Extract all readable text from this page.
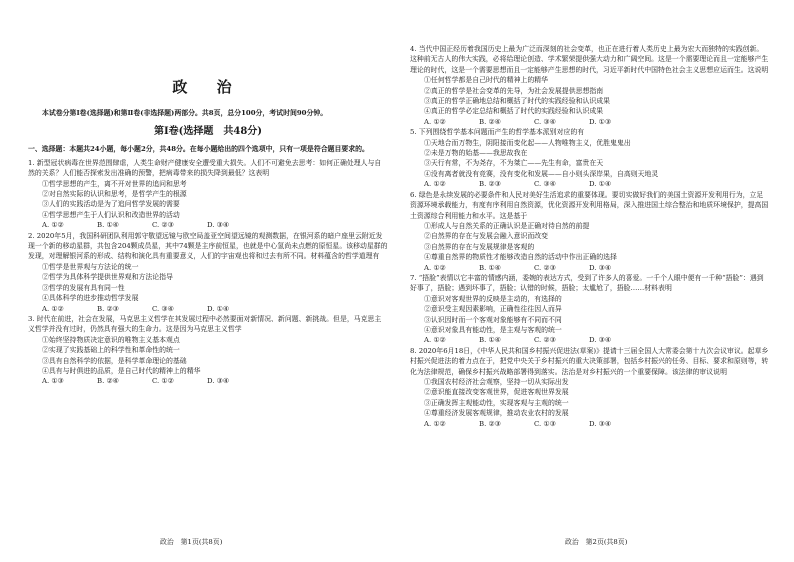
政 治
本试卷分第Ⅰ卷(选择题)和第Ⅱ卷(非选择题)两部分。共8页，总分100分，考试时间90分钟。
第Ⅰ卷(选择题　共48分)
一、选择题：本题共24小题，每小题2分，共48分。在每小题给出的四个选项中，只有一项是符合题目要求的。

1. 新型冠状病毒在世界范围肆虐，人类生命财产健康安全遭受重大损失。人们不可避免去思考：如何正确处理人与自然的关系？人们能否探索发出准确的预警，把病毒带来的损失降到最低？这表明

①哲学思想的产生，离不开对世界的追问和思考

②对自然实际的认识和思考，是哲学产生的根源

③人们的实践活动是为了追问哲学发展的需要

④哲学思想产生于人们认识和改造世界的活动

A. ①②	B. ①④	C. ②③	D. ③④

2. 2020年5月，我国科研团队利用郭守敬望远镜与欧空局盖亚空间望远镜的观测数据，在银河系的暗户座里云附近发现一个新的移动星群，共包含204颗成员星，其中74颗是主序前恒星，也就是中心氢尚未点燃的原恒星。该移动星群的发现，对理解银河系的形成、结构和演化具有重要意义，人们的宇宙观也将和过去有所不同。材料蕴含的哲学道理有

①哲学是世界观与方法论的统一

②哲学为具体科学提供世界观和方法论指导

③哲学的发展有具有同一性

④具体科学的进步推动哲学发展

A. ①②	B. ②③	C. ③④	D. ①④

3. 时代在前进，社会在发展，马克思主义哲学在其发展过程中必然要面对新情况、新问题、新挑战。但是，马克思主义哲学并没有过时，仍然具有强大的生命力。这是因为马克思主义哲学

①始终坚持物质决定意识的唯物主义基本观点

②实现了实践基础上的科学性和革命性的统一

③具有自然科学的依据，是科学革命理论的基础

④具有与时俱进的品质，是自己时代的精神上的精华

A. ①③	B. ②④	C. ①②	D. ③④

4. 当代中国正经历着我国历史上最为广泛而深刻的社会变革，也正在进行着人类历史上最为宏大而独特的实践创新。这种前无古人的伟大实践，必将给理论创造、学术繁荣提供强大动力和广阔空间。这是一个需要理论而且一定能够产生理论的时代，这是一个需要思想而且一定能够产生思想的时代，习近平新时代中国特色社会主义思想应运而生。这说明

①任何哲学都是自己时代的精神上的精华

②真正的哲学是社会变革的先导，为社会发展提供思想指南

③真正的哲学正确地总结和概括了时代的实践经验和认识成果

④真正的哲学必定总结和概括了时代的实践经验和认识成果

A. ①②	B. ②④	C. ③④	D. ①③

5. 下列围绕哲学基本问题而产生的哲学基本派别对应的有

①天地合而万物生，阴阳接而变化起——人物唯物主义，优胜鬼鬼出

②未是万物的始基——我思故我在

③天行有常，不为尧存，不为桀亡——先生有命，富贵在天

④没有离者就没有竞赛，没有变化和发展——自小则头深岸果，自高则天地灵

A. ①②	B. ②③	C. ③④	D. ①④

6. 绿色是永续发展的必要条件和人民对美好生活追求的重要体现。要切实做好我们的美国土资源开发利用行为，立足资源环境承载能力，有度有序利用自然资源，优化资源开发利用格局，深入推进国土综合整治和地质环境保护，提高国土资源综合利用能力和水平。这是基于

①形成人与自然关系的正确认识是正确对待自然的前提

②自然界的存在与发展会融入意识而改变

③自然界的存在与发展规律是客观的

④尊重自然界的物质性才能够改造自然的活动中作出正确的选择

A. ①②	B. ①④	C. ②③	D. ③④

7. “捂脸”表情以它丰富的情感内涵，委婉的表达方式，受到了许多人的喜爱。一千个人眼中便有一千种“捂脸”：遇到好事了，捂脸；遇到坏事了，捂脸；认错的时候，捂脸；太尴尬了，捂脸……材料表明

①意识对客观世界的反映是主动的，有选择的

②意识受主观因素影响，正确性往往因人而异

③认识因时而一个客观对象能够有不同而不同

④意识对象具有能动性，是主观与客观的统一

A. ①②	B. ①④	C. ②③	D. ③④

8. 2020年6月18日，《中华人民共和国乡村振兴促进法(草案)》提请十三届全国人大常委会第十九次会议审议。起草乡村振兴促进法的着力点在于，把党中央关于乡村振兴的重大决策部署，包括乡村振兴的任务、目标、要求和原则等，转化为法律规范，确保乡村振兴战略部署得到落实。法治是对乡村振兴的一个重要保障。该法律的审议说明

①我国农村经济社会观察，坚持一切从实际出发

②意识能直接改变客观世界，促进客观世界发展

③正确发挥主观能动性，实现客观与主观的统一

④尊重经济发展客观规律，推动农业农村的发展

A. ①②	B. ②③	C. ①③	D. ③④

政治　第1页(共8页)	政治　第2页(共8页)
